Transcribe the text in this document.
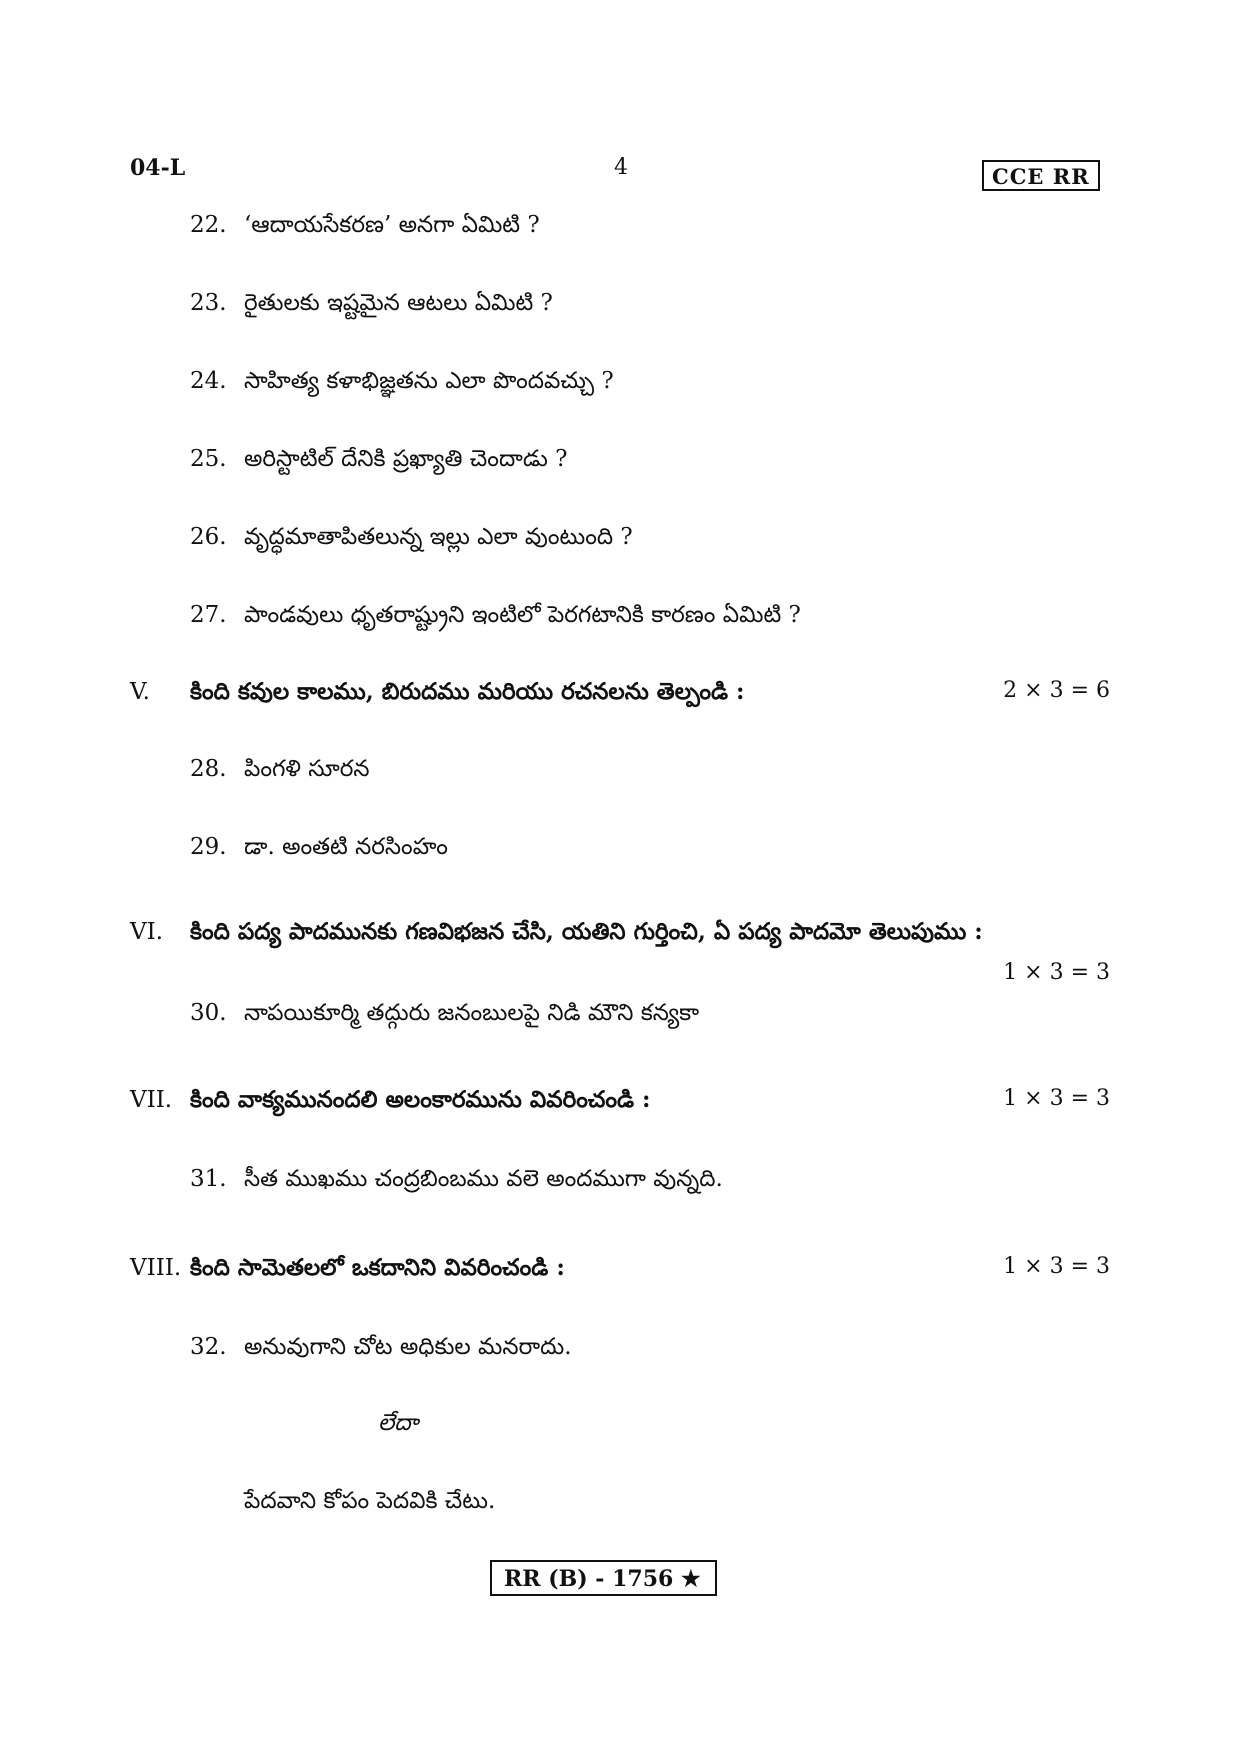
04-L	4	CCE RR
22. ‘ఆదాయసేకరణ’ అనగా ఏమిటి ?
23. రైతులకు ఇష్టమైన ఆటలు ఏమిటి ?
24. సాహిత్య కళాభిజ్ఞతను ఎలా పొందవచ్చు ?
25. అరిస్టాటిల్ దేనికి ప్రఖ్యాతి చెందాడు ?
26. వృద్ధమాతాపితలున్న ఇల్లు ఎలా వుంటుంది ?
27. పాండవులు ధృతరాష్ట్రుని ఇంటిలో పెరగటానికి కారణం ఏమిటి ?
V. కింది కవుల కాలము, బిరుదము మరియు రచనలను తెల్పండి :	2 × 3 = 6
28. పింగళి సూరన
29. డా. అంతటి నరసింహం
VI. కింది పద్య పాదమునకు గణవిభజన చేసి, యతిని గుర్తించి, ఏ పద్య పాదమో తెలుపుము :
1 × 3 = 3
30. నాపయికూర్మి తద్గురు జనంబులపై నిడి మౌని కన్యకా
VII. కింది వాక్యమునందలి అలంకారమును వివరించండి :	1 × 3 = 3
31. సీత ముఖము చంద్రబింబము వలె అందముగా వున్నది.
VIII. కింది సామెతలలో ఒకదానిని వివరించండి :	1 × 3 = 3
32. అనువుగాని చోట అధికుల మనరాదు.
లేదా
పేదవాని కోపం పెదవికి చేటు.
RR (B) - 1756 ★
